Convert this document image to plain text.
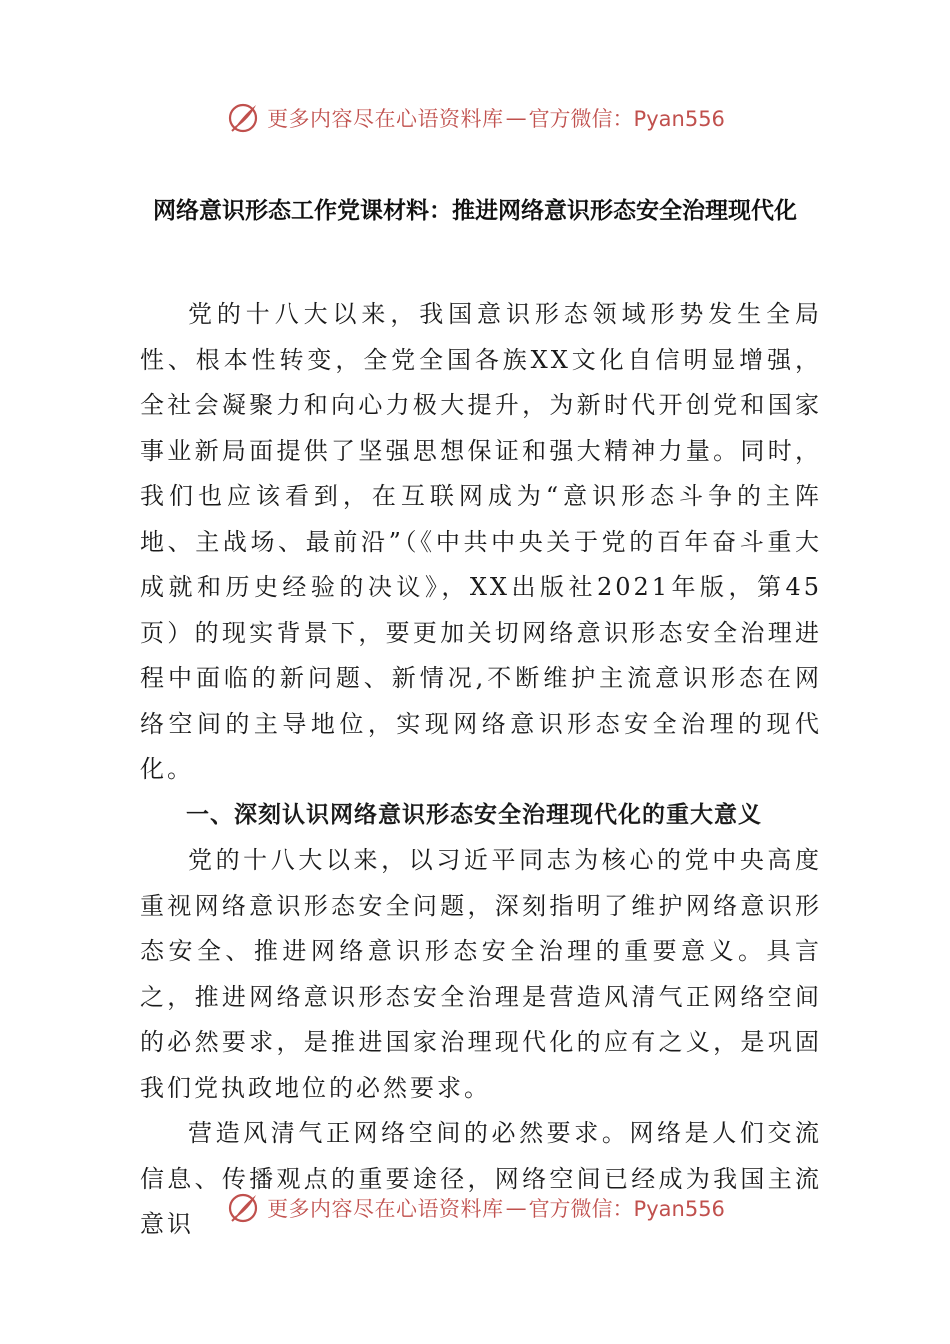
更多内容尽在心语资料库 — 官方微信：Pyan556
网络意识形态工作党课材料：推进网络意识形态安全治理现代化

党的十八大以来，我国意识形态领域形势发生全局性、根本性转变，全党全国各族XX文化自信明显增强，全社会凝聚力和向心力极大提升，为新时代开创党和国家事业新局面提供了坚强思想保证和强大精神力量。同时，我们也应该看到，在互联网成为“意识形态斗争的主阵地、主战场、最前沿”（《中共中央关于党的百年奋斗重大成就和历史经验的决议》，XX出版社2021年版，第45页）的现实背景下，要更加关切网络意识形态安全治理进程中面临的新问题、新情况,不断维护主流意识形态在网络空间的主导地位，实现网络意识形态安全治理的现代化。

一、深刻认识网络意识形态安全治理现代化的重大意义

党的十八大以来，以习近平同志为核心的党中央高度重视网络意识形态安全问题，深刻指明了维护网络意识形态安全、推进网络意识形态安全治理的重要意义。具言之，推进网络意识形态安全治理是营造风清气正网络空间的必然要求，是推进国家治理现代化的应有之义，是巩固我们党执政地位的必然要求。

营造风清气正网络空间的必然要求。网络是人们交流信息、传播观点的重要途径，网络空间已经成为我国主流意识

更多内容尽在心语资料库 — 官方微信：Pyan556
